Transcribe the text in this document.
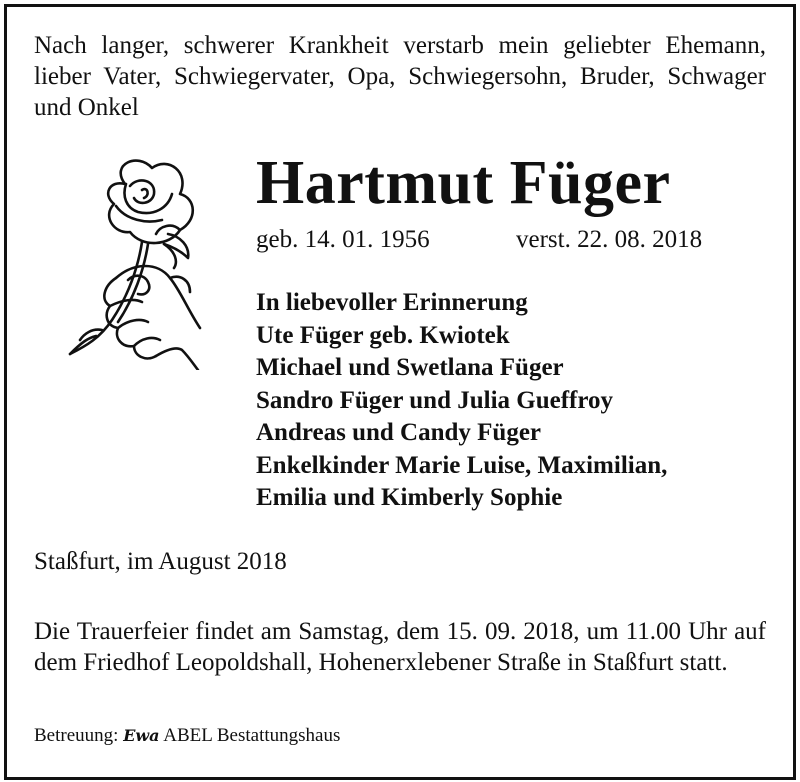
Nach langer, schwerer Krankheit verstarb mein geliebter Ehemann, lieber Vater, Schwiegervater, Opa, Schwiegersohn, Bruder, Schwager und Onkel
Hartmut Füger
geb. 14. 01. 1956	verst. 22. 08. 2018
In liebevoller Erinnerung
Ute Füger geb. Kwiotek
Michael und Swetlana Füger
Sandro Füger und Julia Gueffroy
Andreas und Candy Füger
Enkelkinder Marie Luise, Maximilian,
Emilia und Kimberly Sophie
Staßfurt, im August 2018
Die Trauerfeier findet am Samstag, dem 15. 09. 2018, um 11.00 Uhr auf dem Friedhof Leopoldshall, Hohenerxlebener Straße in Staßfurt statt.
Betreuung: Ewa ABEL Bestattungshaus
